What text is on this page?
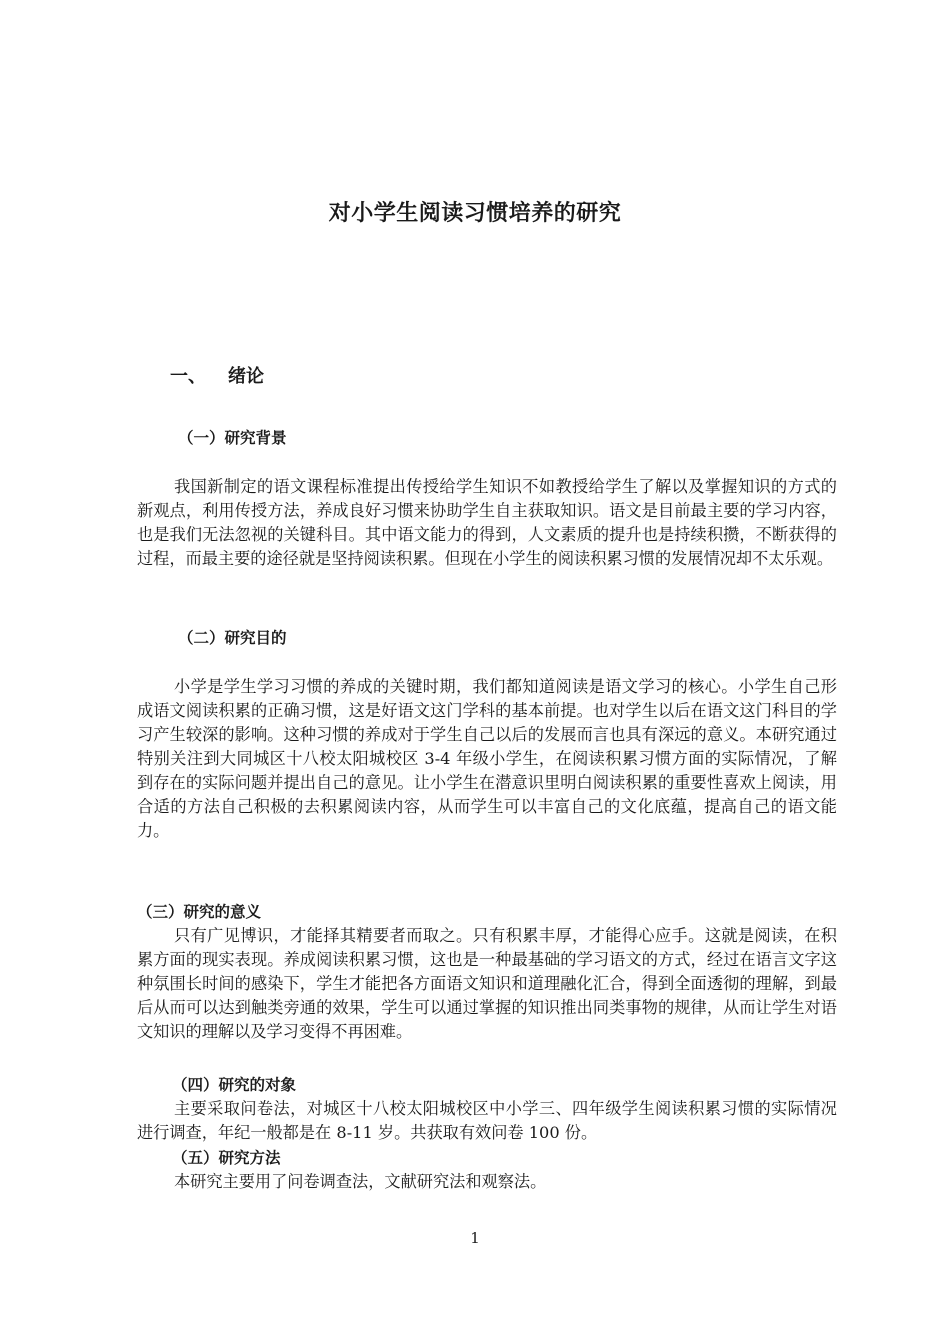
对小学生阅读习惯培养的研究
一、 绪论
（一）研究背景
我国新制定的语文课程标准提出传授给学生知识不如教授给学生了解以及掌握知识的方式的新观点，利用传授方法，养成良好习惯来协助学生自主获取知识。语文是目前最主要的学习内容，也是我们无法忽视的关键科目。其中语文能力的得到，人文素质的提升也是持续积攒，不断获得的过程，而最主要的途径就是坚持阅读积累。但现在小学生的阅读积累习惯的发展情况却不太乐观。
（二）研究目的
小学是学生学习习惯的养成的关键时期，我们都知道阅读是语文学习的核心。小学生自己形成语文阅读积累的正确习惯，这是好语文这门学科的基本前提。也对学生以后在语文这门科目的学习产生较深的影响。这种习惯的养成对于学生自己以后的发展而言也具有深远的意义。本研究通过特别关注到大同城区十八校太阳城校区 3-4 年级小学生，在阅读积累习惯方面的实际情况，了解到存在的实际问题并提出自己的意见。让小学生在潜意识里明白阅读积累的重要性喜欢上阅读，用合适的方法自己积极的去积累阅读内容，从而学生可以丰富自己的文化底蕴，提高自己的语文能力。
（三）研究的意义
只有广见博识，才能择其精要者而取之。只有积累丰厚，才能得心应手。这就是阅读，在积累方面的现实表现。养成阅读积累习惯，这也是一种最基础的学习语文的方式，经过在语言文字这种氛围长时间的感染下，学生才能把各方面语文知识和道理融化汇合，得到全面透彻的理解，到最后从而可以达到触类旁通的效果，学生可以通过掌握的知识推出同类事物的规律，从而让学生对语文知识的理解以及学习变得不再困难。
（四）研究的对象
主要采取问卷法，对城区十八校太阳城校区中小学三、四年级学生阅读积累习惯的实际情况进行调查，年纪一般都是在 8-11 岁。共获取有效问卷 100 份。
（五）研究方法
本研究主要用了问卷调查法，文献研究法和观察法。
1
